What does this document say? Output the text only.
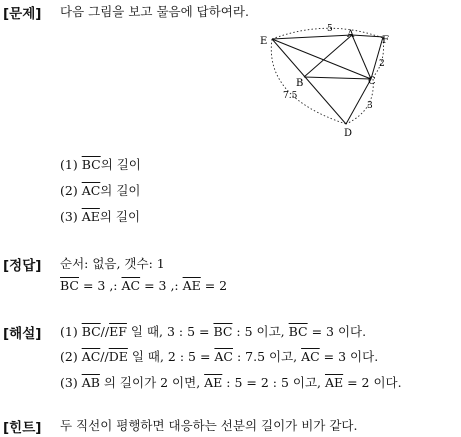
[문제] 다음 그림을 보고 물음에 답하여라.
E
A
F
B	C
D
5
2
7.5
3
(1) $\overline{BC}$의 길이
(2) $\overline{AC}$의 길이
(3) $\overline{AE}$의 길이
[정답] 순서: 없음, 갯수: 1
$\overline{BC} = 3$ ,: $\overline{AC} = 3$ ,: $\overline{AE} = 2$
[해설] (1) $\overline{BC}//\overline{EF}$ 일 때, 3 : $5 = \overline{BC}$ : 5 이고, $\overline{BC} = 3$ 이다.
(2) $\overline{AC}//\overline{DE}$ 일 때, 2 : $5 = \overline{AC}$ : 7.5 이고, $\overline{AC} = 3$ 이다.
(3) $\overline{AB}$ 의 길이가 2 이면, $\overline{AE}$ : 5 = 2 : 5 이고, $\overline{AE} = 2$ 이다.
[힌트] 두 직선이 평행하면 대응하는 선분의 길이가 비가 같다.
